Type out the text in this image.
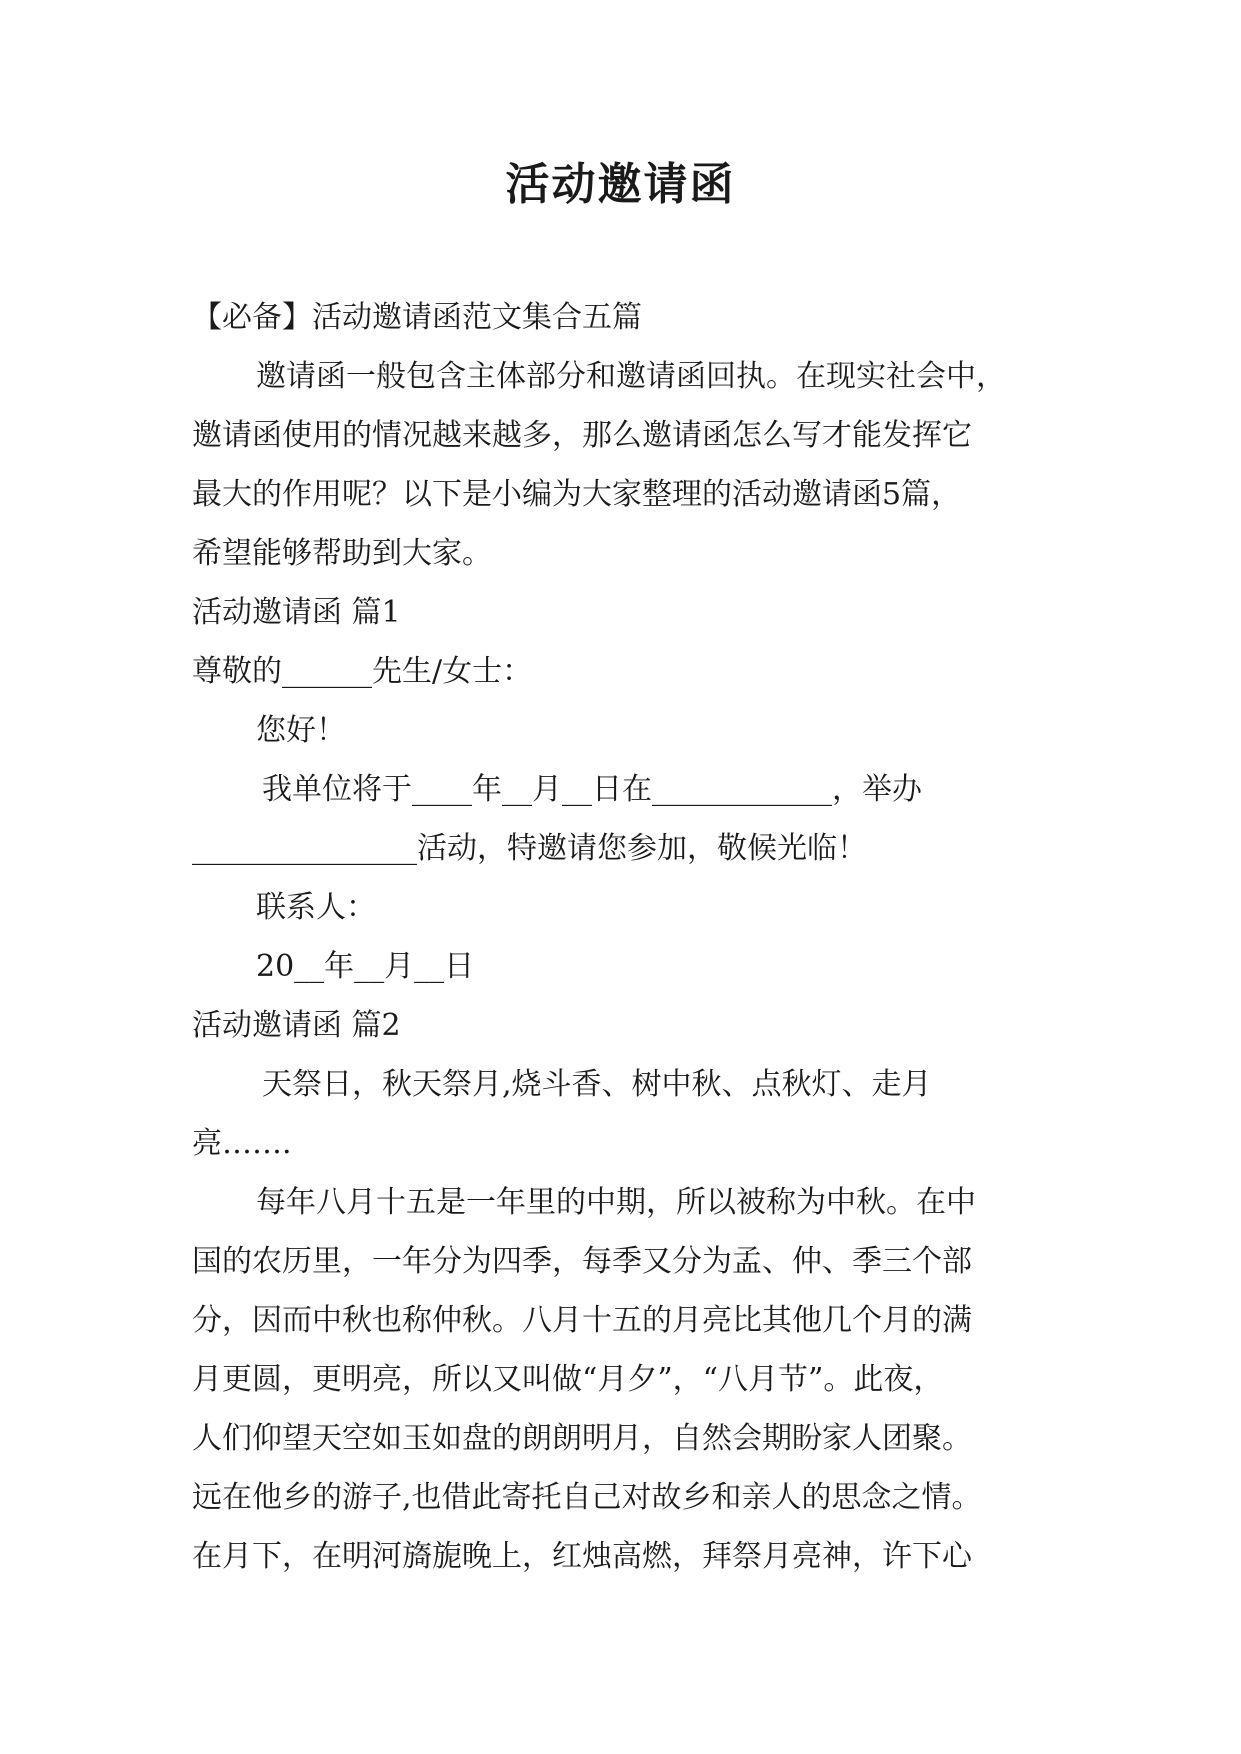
活动邀请函
【必备】活动邀请函范文集合五篇
邀请函一般包含主体部分和邀请函回执。在现实社会中，
邀请函使用的情况越来越多，那么邀请函怎么写才能发挥它
最大的作用呢？以下是小编为大家整理的活动邀请函5篇，
希望能够帮助到大家。
活动邀请函 篇1
尊敬的______先生/女士：
您好！
我单位将于____年__月__日在____________，举办
_______________活动，特邀请您参加，敬候光临！
联系人：
20__年__月__日
活动邀请函 篇2
天祭日，秋天祭月,烧斗香、树中秋、点秋灯、走月
亮…….
每年八月十五是一年里的中期，所以被称为中秋。在中
国的农历里，一年分为四季，每季又分为孟、仲、季三个部
分，因而中秋也称仲秋。八月十五的月亮比其他几个月的满
月更圆，更明亮，所以又叫做“月夕”，“八月节”。此夜，
人们仰望天空如玉如盘的朗朗明月，自然会期盼家人团聚。
远在他乡的游子,也借此寄托自己对故乡和亲人的思念之情。
在月下，在明河旖旎晚上，红烛高燃，拜祭月亮神，许下心
